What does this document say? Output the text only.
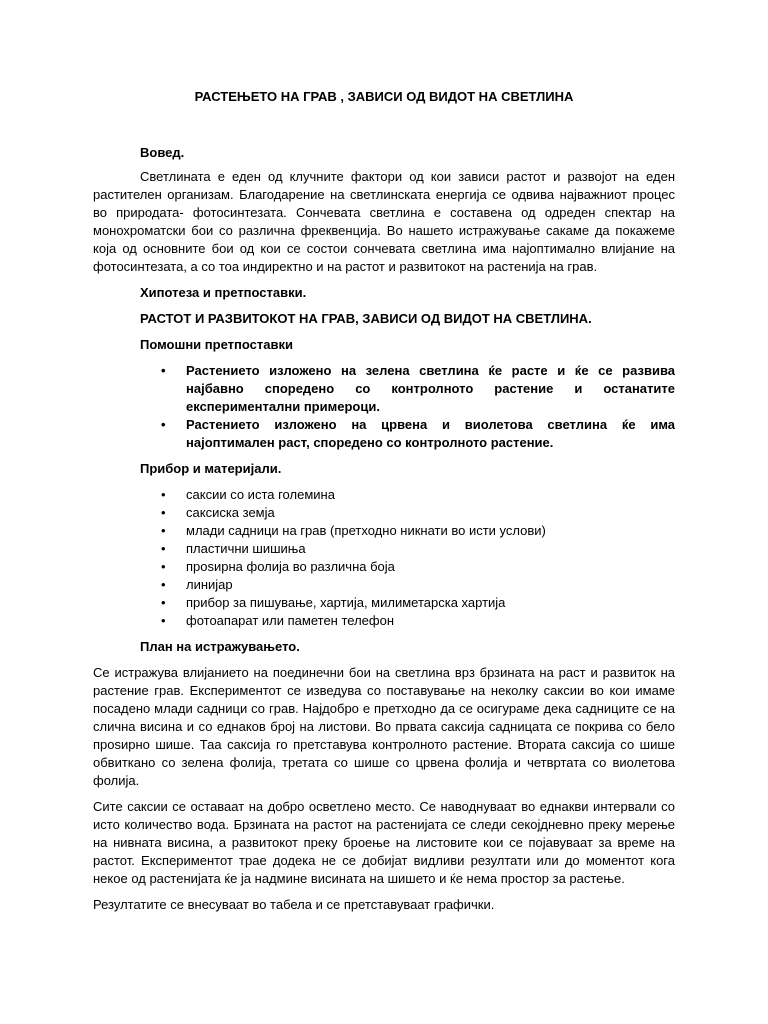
РАСТЕЊЕТО НА ГРАВ , ЗАВИСИ ОД ВИДОТ НА СВЕТЛИНА

Вовед.

Светлината е еден од клучните фактори од кои зависи растот и развојот на еден растителен организам. Благодарение на светлинската енергија се одвива најважниот процес во природата- фотосинтезата. Сончевата светлина е составена од одреден спектар на монохроматски бои со различна фреквенција. Во нашето истражување сакаме да покажеме која од основните бои од кои се состои сончевата светлина има најоптимално влијание на фотосинтезата, а со тоа индиректно и на растот и развитокот на растенија на грав.

Хипотеза и претпоставки.

РАСТОТ И РАЗВИТОКОТ НА ГРАВ, ЗАВИСИ ОД ВИДОТ НА СВЕТЛИНА.

Помошни претпоставки

• Растението изложено на зелена светлина ќе расте и ќе се развива најбавно споредено со контролното растение и останатите експериментални примероци.
• Растението изложено на црвена и виолетова светлина ќе има најоптимален раст, споредено со контролното растение.

Прибор и материјали.

• саксии со иста големина
• саксиска земја
• млади садници на грав (претходно никнати во исти услови)
• пластични шишиња
• проѕирна фолија во различна боја
• линијар
• прибор за пишување, хартија, милиметарска хартија
• фотоапарат или паметен телефон

План на истражувањето.

Се истражува влијанието на поединечни бои на светлина врз брзината на раст и развиток на растение грав. Експериментот се изведува со поставување на неколку саксии во кои имаме посадено млади садници со грав. Најдобро е претходно да се осигураме дека садниците се на слична висина и со еднаков број на листови. Во првата саксија садницата се покрива со бело проѕирно шише. Таа саксија го претставува контролното растение. Втората саксија со шише обвиткано со зелена фолија, третата со шише со црвена фолија и четвртата со виолетова фолија.

Сите саксии се оставаат на добро осветлено место. Се наводнуваат во еднакви интервали со исто количество вода. Брзината на растот на растенијата се следи секојдневно преку мерење на нивната висина, а развитокот преку броење на листовите кои се појавуваат за време на растот. Експериментот трае додека не се добијат видливи резултати или до моментот кога некое од растенијата ќе ја надмине висината на шишето и ќе нема простор за растење.

Резултатите се внесуваат во табела и се претставуваат графички.
